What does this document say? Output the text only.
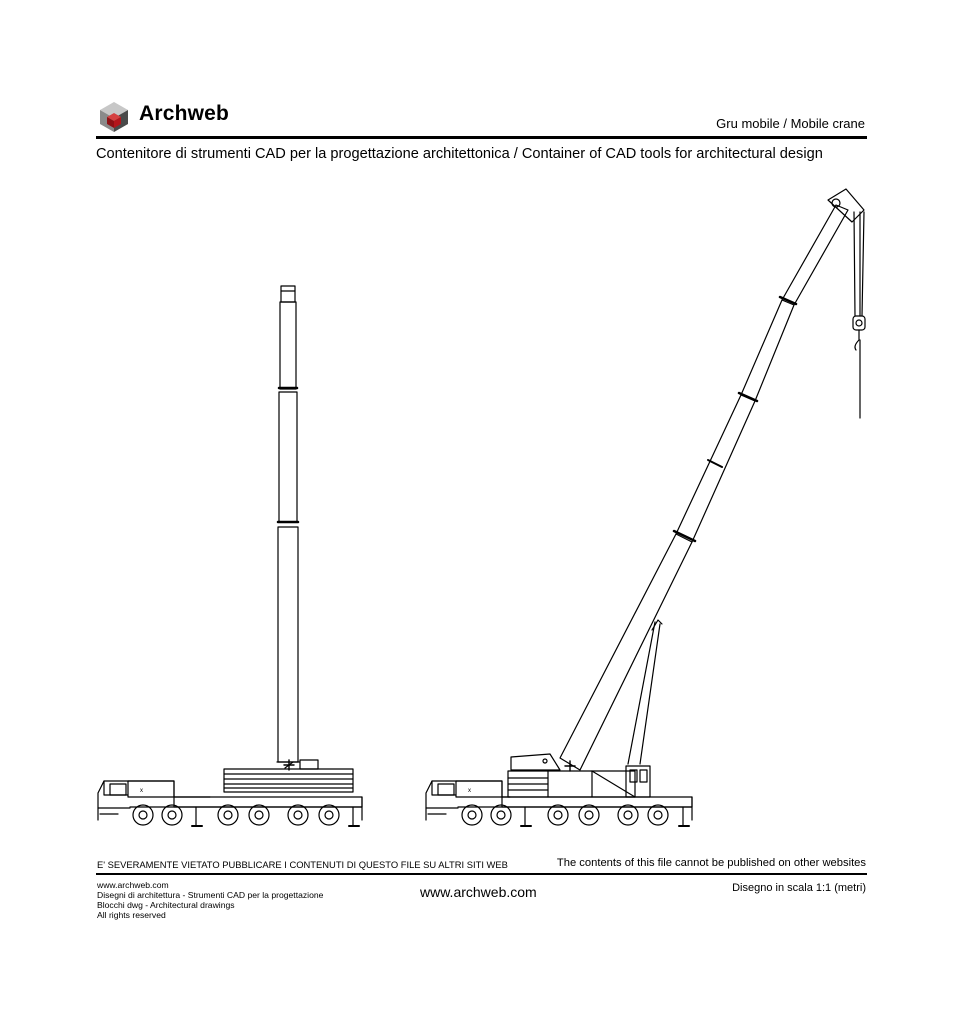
Archweb	Gru mobile / Mobile crane
Contenitore di strumenti CAD per la progettazione architettonica / Container of CAD tools for architectural design
x	x
E' SEVERAMENTE VIETATO PUBBLICARE I CONTENUTI DI QUESTO FILE SU ALTRI SITI WEB	The contents of this file cannot be published on other websites
www.archweb.com
Disegni di architettura - Strumenti CAD per la progettazione
Blocchi dwg - Architectural drawings
All rights reserved
www.archweb.com	Disegno in scala 1:1 (metri)
